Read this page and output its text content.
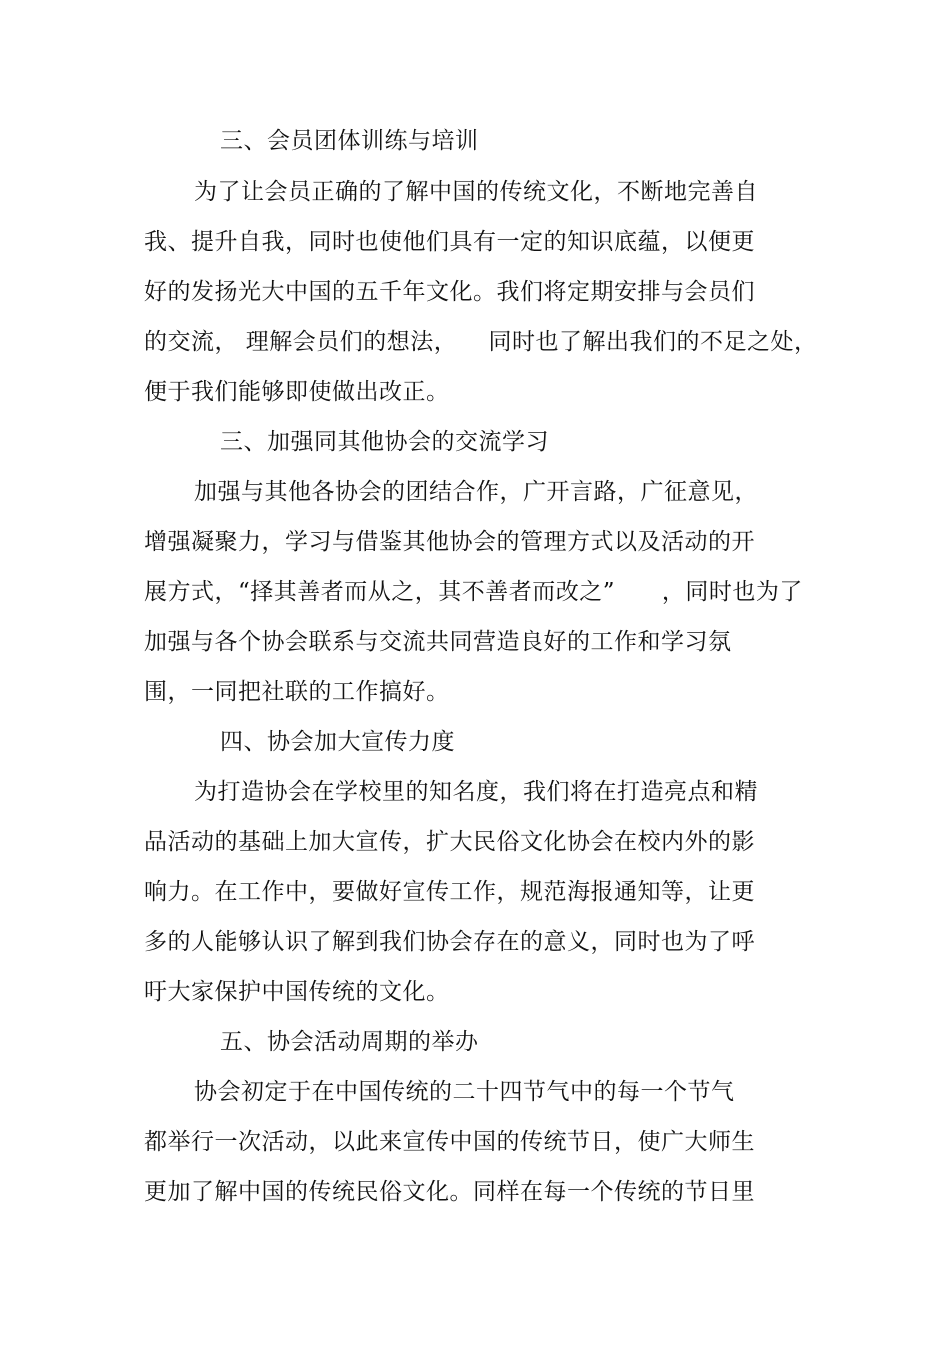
三、会员团体训练与培训
为了让会员正确的了解中国的传统文化，不断地完善自
我、提升自我，同时也使他们具有一定的知识底蕴，以便更
好的发扬光大中国的五千年文化。我们将定期安排与会员们
的交流， 理解会员们的想法，    同时也了解出我们的不足之处，
便于我们能够即使做出改正。
三、加强同其他协会的交流学习
加强与其他各协会的团结合作，广开言路，广征意见，
增强凝聚力，学习与借鉴其他协会的管理方式以及活动的开
展方式，“择其善者而从之，其不善者而改之”      ，同时也为了
加强与各个协会联系与交流共同营造良好的工作和学习氛
围，一同把社联的工作搞好。
四、协会加大宣传力度
为打造协会在学校里的知名度，我们将在打造亮点和精
品活动的基础上加大宣传，扩大民俗文化协会在校内外的影
响力。在工作中，要做好宣传工作，规范海报通知等，让更
多的人能够认识了解到我们协会存在的意义，同时也为了呼
吁大家保护中国传统的文化。
五、协会活动周期的举办
协会初定于在中国传统的二十四节气中的每一个节气
都举行一次活动，以此来宣传中国的传统节日，使广大师生
更加了解中国的传统民俗文化。同样在每一个传统的节日里
